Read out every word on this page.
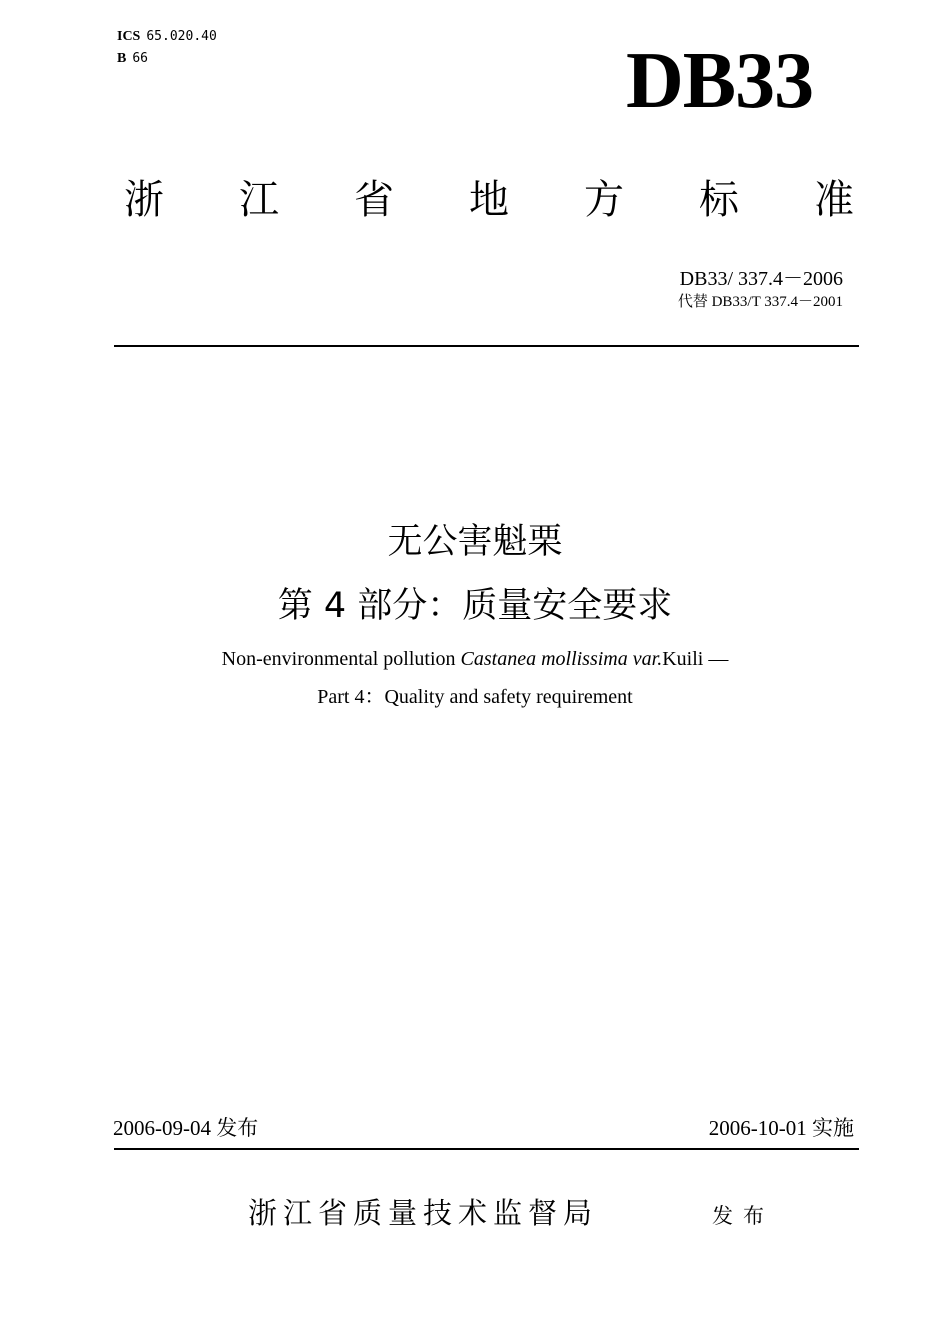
ICS 65.020.40
B 66	DB33
浙 江 省 地 方 标 准
DB33/ 337.4－2006
代替 DB33/T 337.4－2001
无公害魁栗
第 4 部分：质量安全要求
Non-environmental pollution Castanea mollissima var.Kuili —
Part 4：Quality and safety requirement
2006-09-04 发布	2006-10-01 实施
浙江省质量技术监督局	发布
